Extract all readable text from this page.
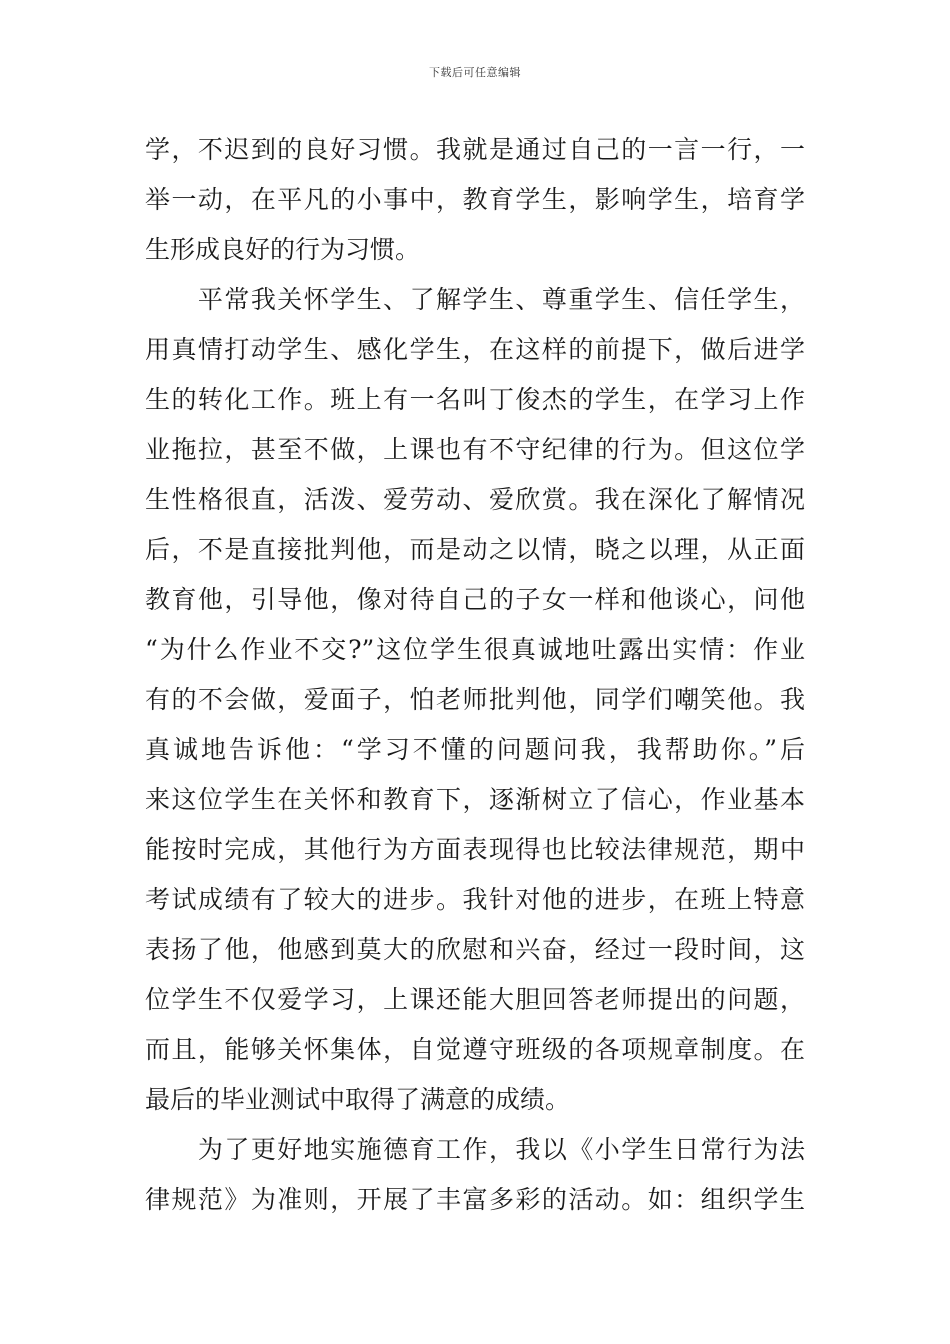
下载后可任意编辑
学，不迟到的良好习惯。我就是通过自己的一言一行，一
举一动，在平凡的小事中，教育学生，影响学生，培育学
生形成良好的行为习惯。
　　平常我关怀学生、了解学生、尊重学生、信任学生，
用真情打动学生、感化学生，在这样的前提下，做后进学
生的转化工作。班上有一名叫丁俊杰的学生，在学习上作
业拖拉，甚至不做，上课也有不守纪律的行为。但这位学
生性格很直，活泼、爱劳动、爱欣赏。我在深化了解情况
后，不是直接批判他，而是动之以情，晓之以理，从正面
教育他，引导他，像对待自己的子女一样和他谈心，问他
“为什么作业不交?”这位学生很真诚地吐露出实情：作业
有的不会做，爱面子，怕老师批判他，同学们嘲笑他。我
真诚地告诉他：“学习不懂的问题问我，我帮助你。”后
来这位学生在关怀和教育下，逐渐树立了信心，作业基本
能按时完成，其他行为方面表现得也比较法律规范，期中
考试成绩有了较大的进步。我针对他的进步，在班上特意
表扬了他，他感到莫大的欣慰和兴奋，经过一段时间，这
位学生不仅爱学习，上课还能大胆回答老师提出的问题，
而且，能够关怀集体，自觉遵守班级的各项规章制度。在
最后的毕业测试中取得了满意的成绩。
　　为了更好地实施德育工作，我以《小学生日常行为法
律规范》为准则，开展了丰富多彩的活动。如：组织学生
